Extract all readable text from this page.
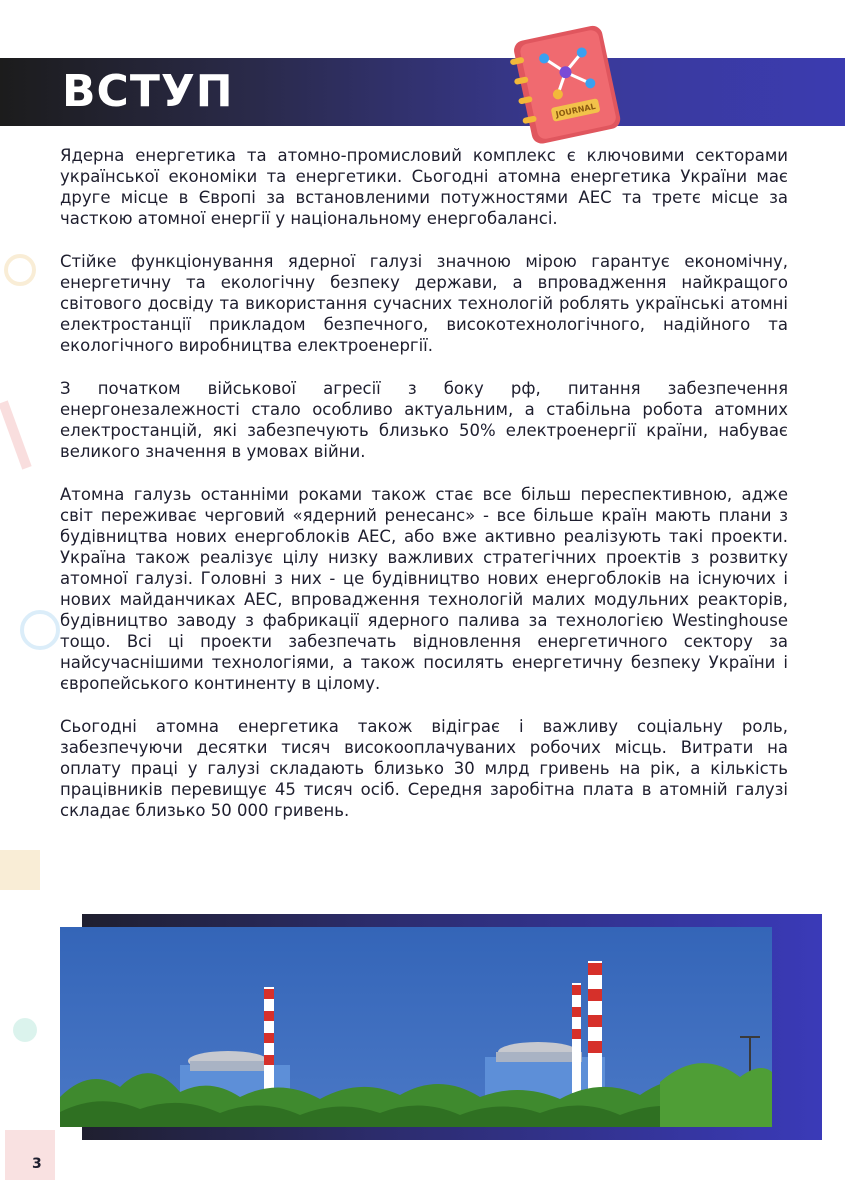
ВСТУП	JOURNAL

Ядерна енергетика та атомно-промисловий комплекс є ключовими секторами української економіки та енергетики. Сьогодні атомна енергетика України має друге місце в Європі за встановленими потужностями АЕС та третє місце за часткою атомної енергії у національному енергобалансі.

Стійке функціонування ядерної галузі значною мірою гарантує економічну, енергетичну та екологічну безпеку держави, а впровадження найкращого світового досвіду та використання сучасних технологій роблять українські атомні електростанції прикладом безпечного, високотехнологічного, надійного та екологічного виробництва електроенергії.

З початком військової агресії з боку рф, питання забезпечення енергонезалежності стало особливо актуальним, а стабільна робота атомних електростанцій, які забезпечують близько 50% електроенергії країни, набуває великого значення в умовах війни.

Атомна галузь останніми роками також стає все більш переспективною, адже світ переживає черговий «ядерний ренесанс» - все більше країн мають плани з будівництва нових енергоблоків АЕС, або вже активно реалізують такі проекти. Україна також реалізує цілу низку важливих стратегічних проектів з розвитку атомної галузі. Головні з них - це будівництво нових енергоблоків на існуючих і нових майданчиках АЕС, впровадження технологій малих модульних реакторів, будівництво заводу з фабрикації ядерного палива за технологією Westinghouse тощо. Всі ці проекти забезпечать відновлення енергетичного сектору за найсучаснішими технологіями, а також посилять енергетичну безпеку України і європейського континенту в цілому.

Сьогодні атомна енергетика також відіграє і важливу соціальну роль, забезпечуючи десятки тисяч високооплачуваних робочих місць. Витрати на оплату праці у галузі складають близько 30 млрд гривень на рік, а кількість працівників перевищує 45 тисяч осіб. Середня заробітна плата в атомній галузі складає близько 50 000 гривень.

3
